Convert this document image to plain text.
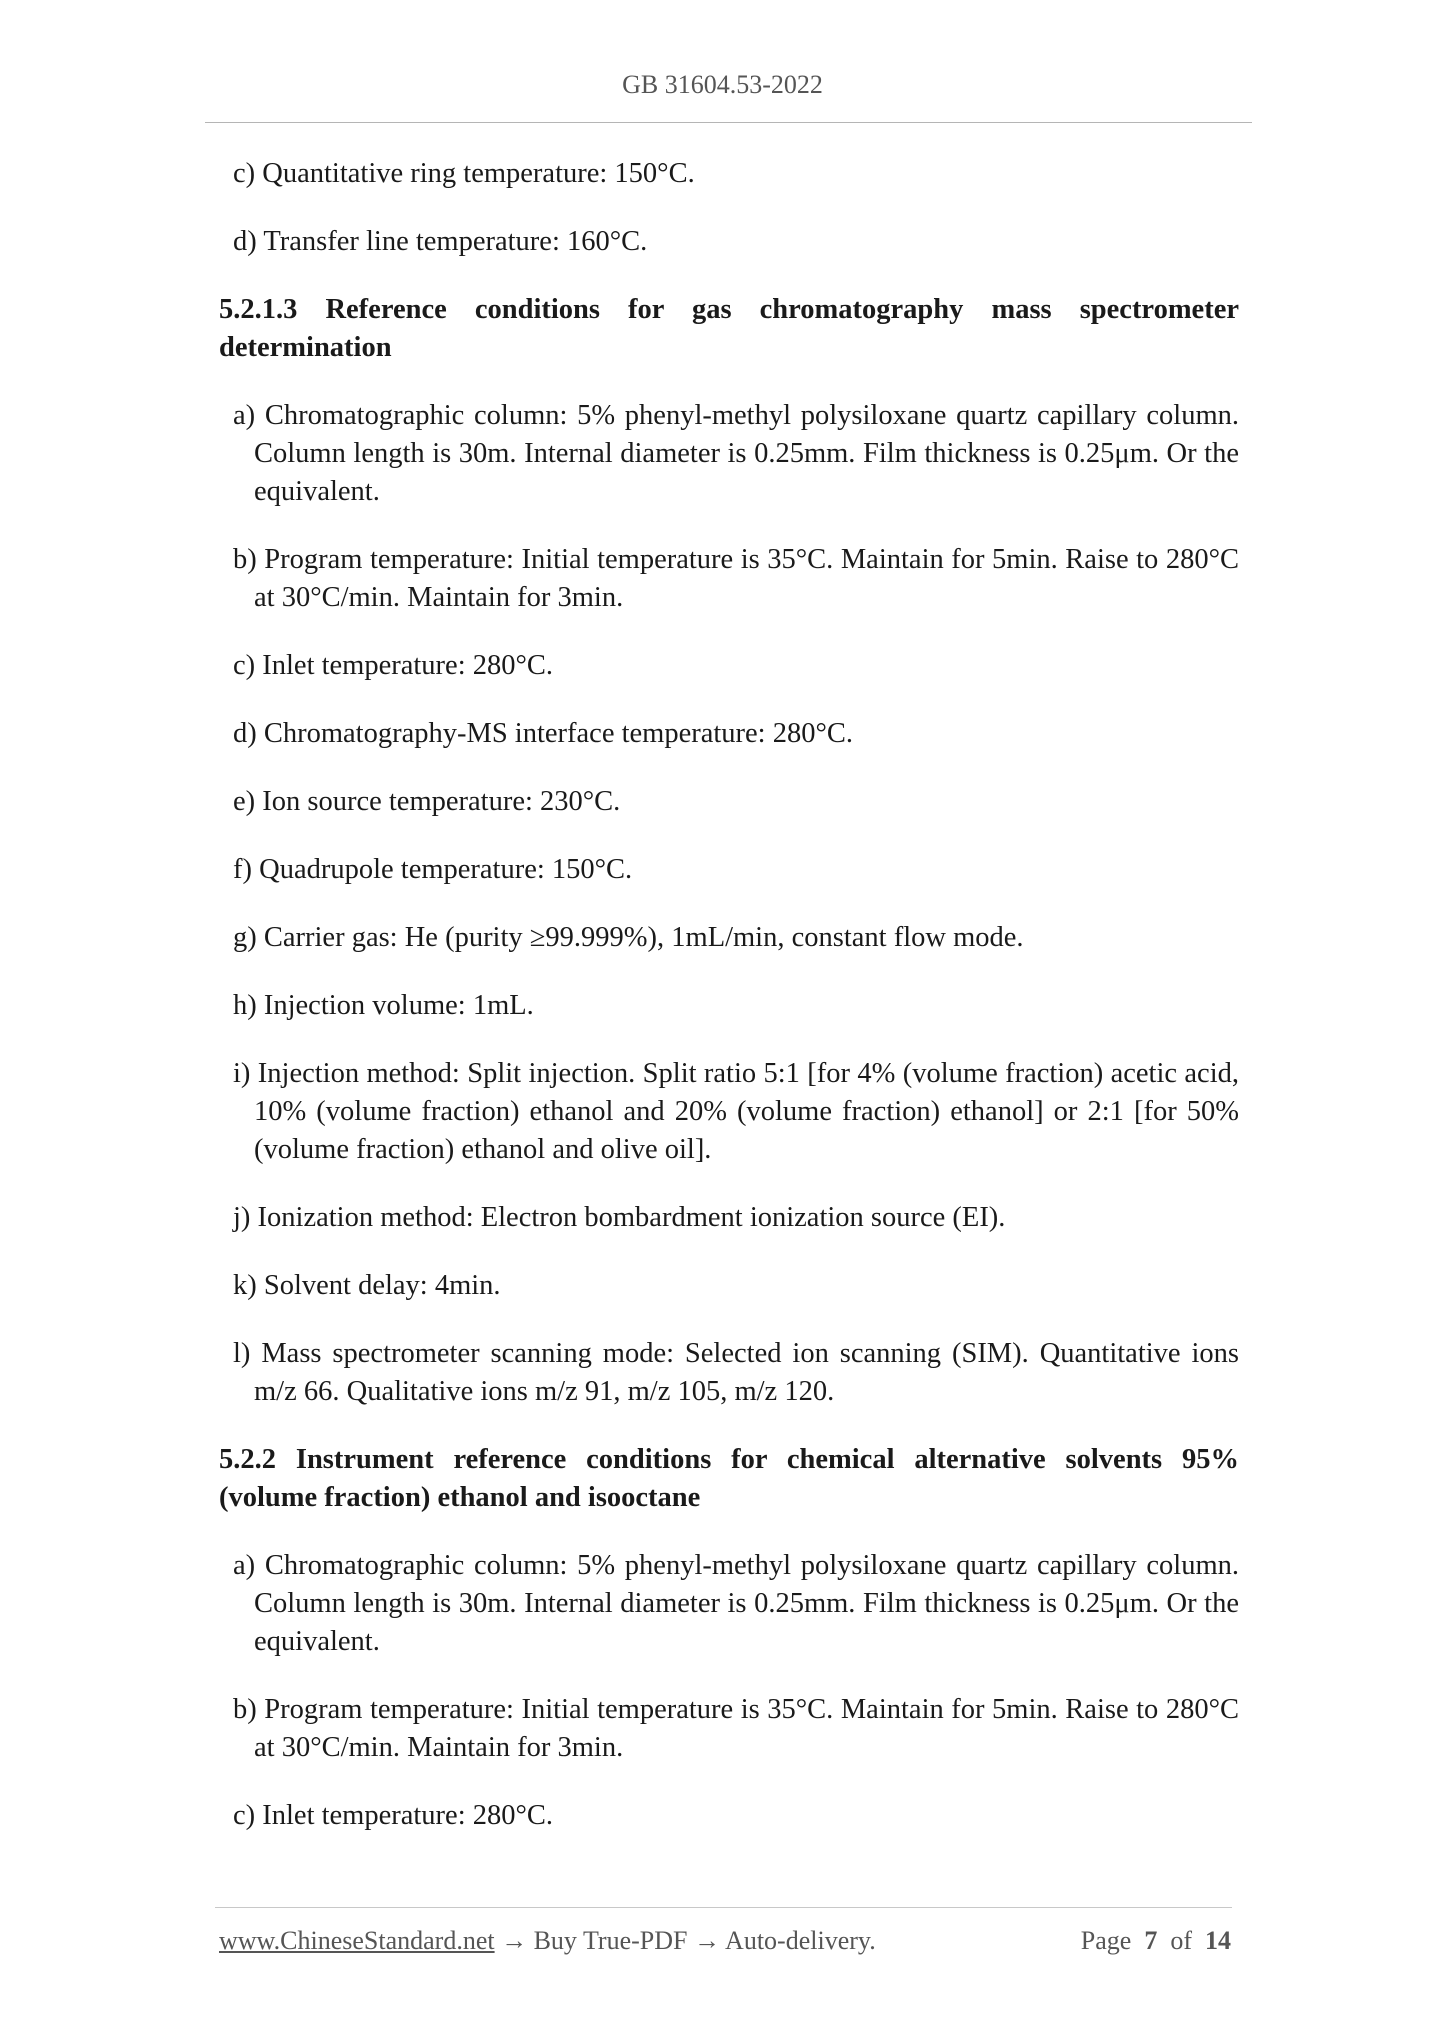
GB 31604.53-2022

c) Quantitative ring temperature: 150°C.

d) Transfer line temperature: 160°C.

5.2.1.3 Reference conditions for gas chromatography mass spectrometer determination

a) Chromatographic column: 5% phenyl-methyl polysiloxane quartz capillary column. Column length is 30m. Internal diameter is 0.25mm. Film thickness is 0.25μm. Or the equivalent.

b) Program temperature: Initial temperature is 35°C. Maintain for 5min. Raise to 280°C at 30°C/min. Maintain for 3min.

c) Inlet temperature: 280°C.

d) Chromatography-MS interface temperature: 280°C.

e) Ion source temperature: 230°C.

f) Quadrupole temperature: 150°C.

g) Carrier gas: He (purity ≥99.999%), 1mL/min, constant flow mode.

h) Injection volume: 1mL.

i) Injection method: Split injection. Split ratio 5:1 [for 4% (volume fraction) acetic acid, 10% (volume fraction) ethanol and 20% (volume fraction) ethanol] or 2:1 [for 50% (volume fraction) ethanol and olive oil].

j) Ionization method: Electron bombardment ionization source (EI).

k) Solvent delay: 4min.

l) Mass spectrometer scanning mode: Selected ion scanning (SIM). Quantitative ions m/z 66. Qualitative ions m/z 91, m/z 105, m/z 120.

5.2.2 Instrument reference conditions for chemical alternative solvents 95% (volume fraction) ethanol and isooctane

a) Chromatographic column: 5% phenyl-methyl polysiloxane quartz capillary column. Column length is 30m. Internal diameter is 0.25mm. Film thickness is 0.25μm. Or the equivalent.

b) Program temperature: Initial temperature is 35°C. Maintain for 5min. Raise to 280°C at 30°C/min. Maintain for 3min.

c) Inlet temperature: 280°C.

www.ChineseStandard.net → Buy True-PDF → Auto-delivery.	Page 7 of 14
